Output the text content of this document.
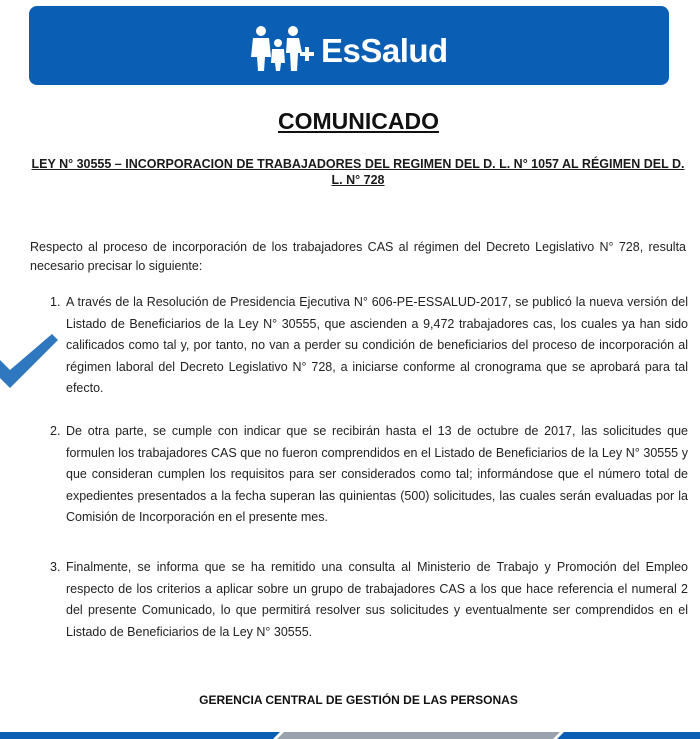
EsSalud
COMUNICADO

LEY N° 30555 – INCORPORACION DE TRABAJADORES DEL REGIMEN DEL D. L. N° 1057 AL RÉGIMEN DEL D. L. N° 728

Respecto al proceso de incorporación de los trabajadores CAS al régimen del Decreto Legislativo N° 728, resulta necesario precisar lo siguiente:

1. A través de la Resolución de Presidencia Ejecutiva N° 606-PE-ESSALUD-2017, se publicó la nueva versión del Listado de Beneficiarios de la Ley N° 30555, que ascienden a 9,472 trabajadores cas, los cuales ya han sido calificados como tal y, por tanto, no van a perder su condición de beneficiarios del proceso de incorporación al régimen laboral del Decreto Legislativo N° 728, a iniciarse conforme al cronograma que se aprobará para tal efecto.
2. De otra parte, se cumple con indicar que se recibirán hasta el 13 de octubre de 2017, las solicitudes que formulen los trabajadores CAS que no fueron comprendidos en el Listado de Beneficiarios de la Ley N° 30555 y que consideran cumplen los requisitos para ser considerados como tal; informándose que el número total de expedientes presentados a la fecha superan las quinientas (500) solicitudes, las cuales serán evaluadas por la Comisión de Incorporación en el presente mes.
3. Finalmente, se informa que se ha remitido una consulta al Ministerio de Trabajo y Promoción del Empleo respecto de los criterios a aplicar sobre un grupo de trabajadores CAS a los que hace referencia el numeral 2 del presente Comunicado, lo que permitirá resolver sus solicitudes y eventualmente ser comprendidos en el Listado de Beneficiarios de la Ley N° 30555.

GERENCIA CENTRAL DE GESTIÓN DE LAS PERSONAS
